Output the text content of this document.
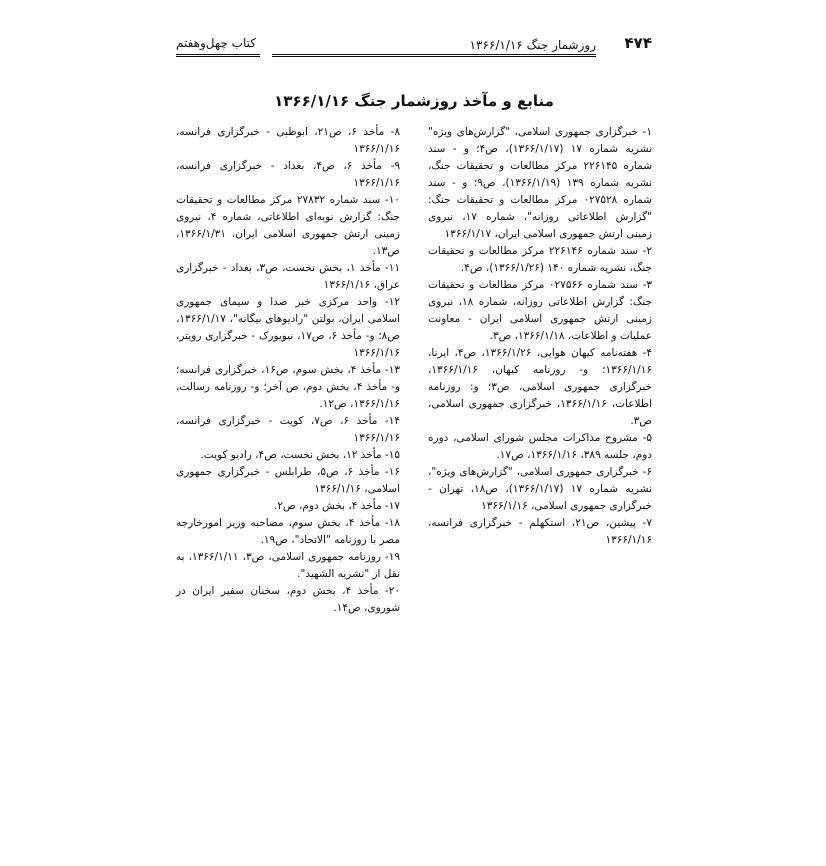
۴۷۴
روزشمار جنگ ۱۳۶۶/۱/۱۶
کتاب چهل‌وهفتم
منابع و مآخذ روزشمار جنگ ۱۳۶۶/۱/۱۶

۱- خبرگزاری جمهوری اسلامی، "گزارش‌های ویژه" نشریه شماره ۱۷ (۱۳۶۶/۱/۱۷)، ص۴؛ و - سند شماره ۲۲۶۱۴۵ مرکز مطالعات و تحقیقات جنگ، نشریه شماره ۱۳۹ (۱۳۶۶/۱/۱۹)، ص۹؛ و - سند شماره ۰۲۷۵۲۸ مرکز مطالعات و تحقیقات جنگ: "گزارش اطلاعاتی روزانه"، شماره ۱۷، نیروی زمینی ارتش جمهوری اسلامی ایران، ۱۳۶۶/۱/۱۷

۲- سند شماره ۲۲۶۱۴۶ مرکز مطالعات و تحقیقات جنگ، نشریه شماره ۱۴۰ (۱۳۶۶/۱/۲۶)، ص۴.

۳- سند شماره ۰۲۷۵۶۶ مرکز مطالعات و تحقیقات جنگ: گزارش اطلاعاتی روزانه، شماره ۱۸، نیروی زمینی ارتش جمهوری اسلامی ایران - معاونت عملیات و اطلاعات، ۱۳۶۶/۱/۱۸، ص۳.

۴- هفته‌نامه کیهان هوایی، ۱۳۶۶/۱/۲۶، ص۴، ایرنا، ۱۳۶۶/۱/۱۶؛ و- روزنامه کیهان، ۱۳۶۶/۱/۱۶، خبرگزاری جمهوری اسلامی، ص۳؛ و: روزنامه اطلاعات، ۱۳۶۶/۱/۱۶، خبرگزاری جمهوری اسلامی، ص۳.

۵- مشروح مذاکرات مجلس شورای اسلامی، دوره دوم، جلسه ۳۸۹، ۱۳۶۶/۱/۱۶، ص۱۷.

۶- خبرگزاری جمهوری اسلامی، "گزارش‌های ویژه"، نشریه شماره ۱۷ (۱۳۶۶/۱/۱۷)، ص۱۸، تهران - خبرگزاری جمهوری اسلامی، ۱۳۶۶/۱/۱۶

۷- پیشین، ص۲۱، استکهلم - خبرگزاری فرانسه، ۱۳۶۶/۱/۱۶

۸- مأخذ ۶، ص۲۱، ابوظبی - خبرگزاری فرانسه، ۱۳۶۶/۱/۱۶

۹- مأخذ ۶، ص۴، بغداد - خبرگزاری فرانسه، ۱۳۶۶/۱/۱۶

۱۰- سند شماره ۲۷۸۳۲ مرکز مطالعات و تحقیقات جنگ: گزارش نوبه‌ای اطلاعاتی، شماره ۴، نیروی زمینی ارتش جمهوری اسلامی ایران، ۱۳۶۶/۱/۳۱، ص۱۳.

۱۱- مأخذ ۱، بخش نخست، ص۳، بغداد - خبرگزاری عراق، ۱۳۶۶/۱/۱۶

۱۲- واحد مرکزی خبر صدا و سیمای جمهوری اسلامی ایران، بولتن "رادیوهای بیگانه"، ۱۳۶۶/۱/۱۷، ص۸؛ و- مأخذ ۶، ص۱۷، نیویورک - خبرگزاری رویتر، ۱۳۶۶/۱/۱۶

۱۳- مأخذ ۴، بخش سوم، ص۱۶، خبرگزاری فرانسه؛ و- مأخذ ۴، بخش دوم، ص آخر؛ و- روزنامه رسالت، ۱۳۶۶/۱/۱۶، ص۱۲.

۱۴- مأخذ ۶، ص۷، کویت - خبرگزاری فرانسه، ۱۳۶۶/۱/۱۶

۱۵- مأخذ ۱۲، بخش نخست، ص۴، رادیو کویت.

۱۶- مأخذ ۶، ص۵، طرابلس - خبرگزاری جمهوری اسلامی، ۱۳۶۶/۱/۱۶

۱۷- مأخذ ۴، بخش دوم، ص۲.

۱۸- مأخذ ۴، بخش سوم، مصاحبه وزیر امورخارجه مصر با روزنامه "الاتحاد"، ص۱۹.

۱۹- روزنامه جمهوری اسلامی، ص۳، ۱۳۶۶/۱/۱۱، به نقل از "نشریه الشهید".

۲۰- مأخذ ۴، بخش دوم، سخنان سفیر ایران در شوروی، ص۱۴.
